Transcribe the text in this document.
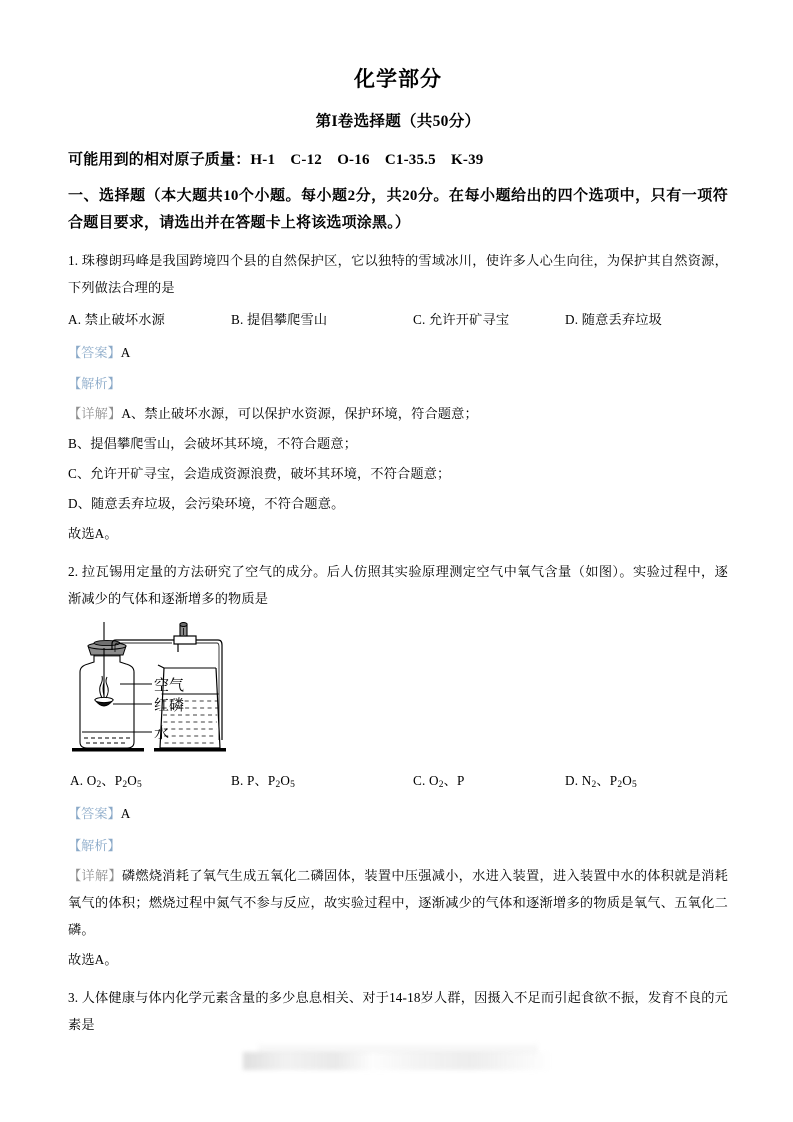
化学部分
第I卷选择题（共50分）
可能用到的相对原子质量：H-1　C-12　O-16　C1-35.5　K-39
一、选择题（本大题共10个小题。每小题2分，共20分。在每小题给出的四个选项中，只有一项符合题目要求，请选出并在答题卡上将该选项涂黑。）
1. 珠穆朗玛峰是我国跨境四个县的自然保护区，它以独特的雪域冰川，使许多人心生向往，为保护其自然资源，下列做法合理的是
A. 禁止破坏水源	B. 提倡攀爬雪山	C. 允许开矿寻宝	D. 随意丢弃垃圾
【答案】A
【解析】
【详解】A、禁止破坏水源，可以保护水资源，保护环境，符合题意；
B、提倡攀爬雪山，会破坏其环境，不符合题意；
C、允许开矿寻宝，会造成资源浪费，破坏其环境，不符合题意；
D、随意丢弃垃圾，会污染环境，不符合题意。
故选A。
2. 拉瓦锡用定量的方法研究了空气的成分。后人仿照其实验原理测定空气中氧气含量（如图）。实验过程中，逐渐减少的气体和逐渐增多的物质是
空气
红磷
水
A. $O_2$、$P_2O_5$	B. P、$P_2O_5$	C. $O_2$、P	D. $N_2$、$P_2O_5$
【答案】A
【解析】
【详解】磷燃烧消耗了氧气生成五氧化二磷固体，装置中压强减小，水进入装置，进入装置中水的体积就是消耗氧气的体积；燃烧过程中氮气不参与反应，故实验过程中，逐渐减少的气体和逐渐增多的物质是氧气、五氧化二磷。
故选A。
3. 人体健康与体内化学元素含量的多少息息相关、对于14-18岁人群，因摄入不足而引起食欲不振，发育不良的元素是
